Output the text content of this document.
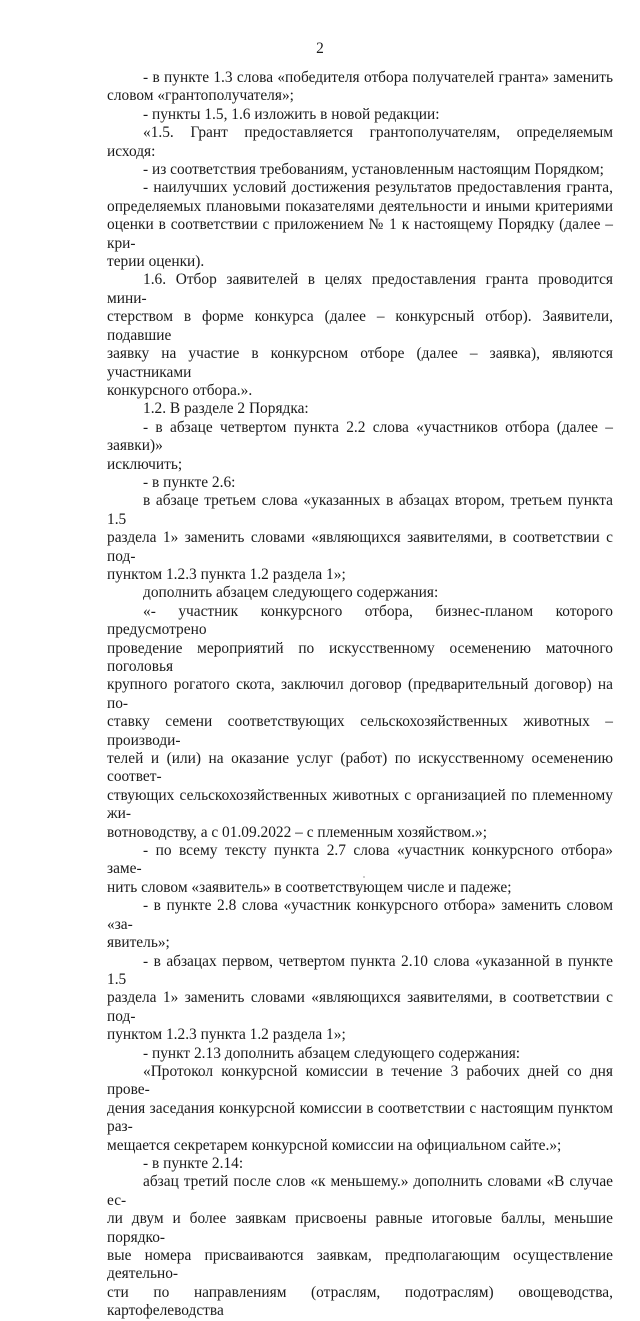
2
- в пункте 1.3 слова «победителя отбора получателей гранта» заменить
словом «грантополучателя»;
- пункты 1.5, 1.6 изложить в новой редакции:
«1.5. Грант предоставляется грантополучателям, определяемым исходя:
- из соответствия требованиям, установленным настоящим Порядком;
- наилучших условий достижения результатов предоставления гранта,
определяемых плановыми показателями деятельности и иными критериями
оценки в соответствии с приложением № 1 к настоящему Порядку (далее – кри-
терии оценки).
1.6. Отбор заявителей в целях предоставления гранта проводится мини-
стерством в форме конкурса (далее – конкурсный отбор). Заявители, подавшие
заявку на участие в конкурсном отборе (далее – заявка), являются участниками
конкурсного отбора.».
1.2. В разделе 2 Порядка:
- в абзаце четвертом пункта 2.2 слова «участников отбора (далее – заявки)»
исключить;
- в пункте 2.6:
в абзаце третьем слова «указанных в абзацах втором, третьем пункта 1.5
раздела 1» заменить словами «являющихся заявителями, в соответствии с под-
пунктом 1.2.3 пункта 1.2 раздела 1»;
дополнить абзацем следующего содержания:
«- участник конкурсного отбора, бизнес-планом которого предусмотрено
проведение мероприятий по искусственному осеменению маточного поголовья
крупного рогатого скота, заключил договор (предварительный договор) на по-
ставку семени соответствующих сельскохозяйственных животных – производи-
телей и (или) на оказание услуг (работ) по искусственному осеменению соответ-
ствующих сельскохозяйственных животных с организацией по племенному жи-
вотноводству, а с 01.09.2022 – с племенным хозяйством.»;
- по всему тексту пункта 2.7 слова «участник конкурсного отбора» заме-
нить словом «заявитель» в соответствующем числе и падеже;
- в пункте 2.8 слова «участник конкурсного отбора» заменить словом «за-
явитель»;
- в абзацах первом, четвертом пункта 2.10 слова «указанной в пункте 1.5
раздела 1» заменить словами «являющихся заявителями, в соответствии с под-
пунктом 1.2.3 пункта 1.2 раздела 1»;
- пункт 2.13 дополнить абзацем следующего содержания:
«Протокол конкурсной комиссии в течение 3 рабочих дней со дня прове-
дения заседания конкурсной комиссии в соответствии с настоящим пунктом раз-
мещается секретарем конкурсной комиссии на официальном сайте.»;
- в пункте 2.14:
абзац третий после слов «к меньшему.» дополнить словами «В случае ес-
ли двум и более заявкам присвоены равные итоговые баллы, меньшие порядко-
вые номера присваиваются заявкам, предполагающим осуществление деятельно-
сти по направлениям (отраслям, подотраслям) овощеводства, картофелеводства
